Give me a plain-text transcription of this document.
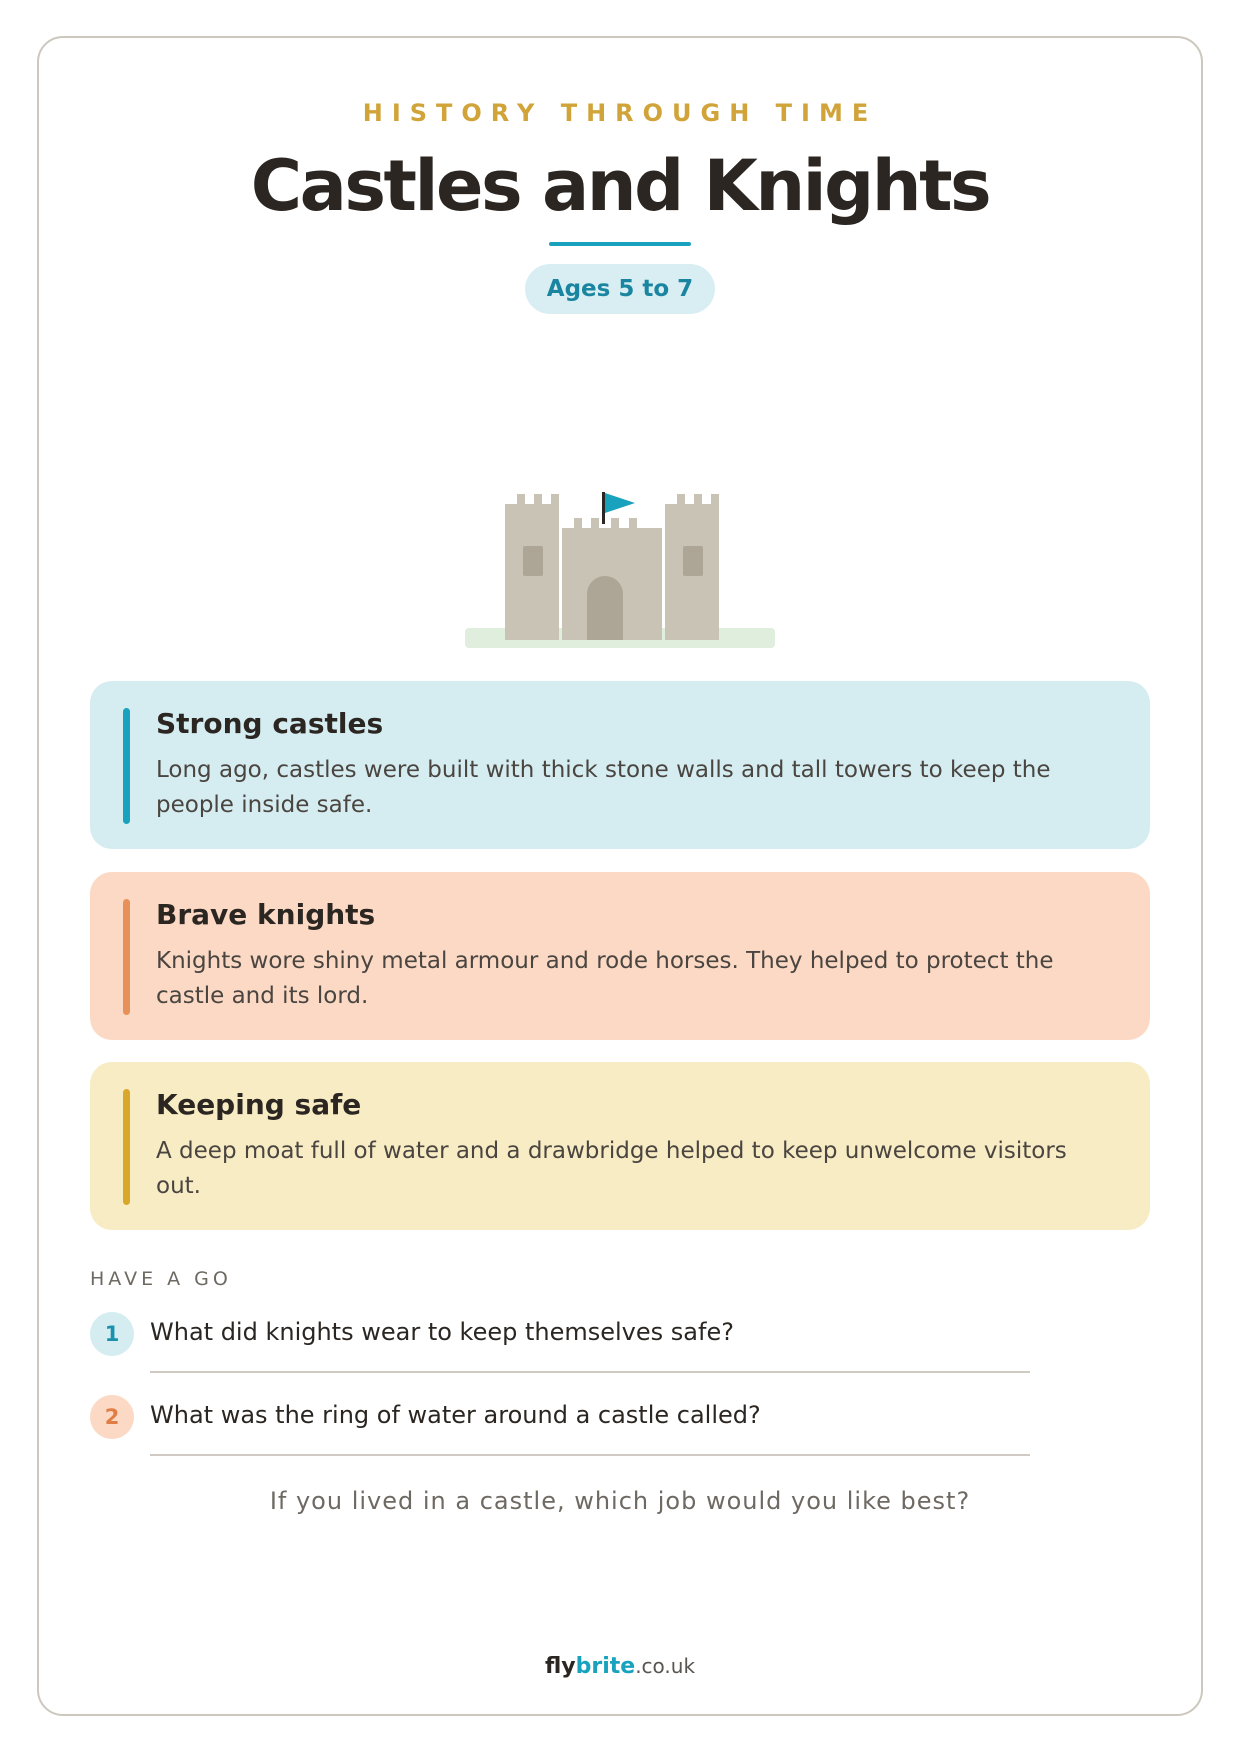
HISTORY THROUGH TIME
Castles and Knights
Ages 5 to 7
Strong castles
Long ago, castles were built with thick stone walls and tall towers to keep the people inside safe.
Brave knights
Knights wore shiny metal armour and rode horses. They helped to protect the castle and its lord.
Keeping safe
A deep moat full of water and a drawbridge helped to keep unwelcome visitors out.
HAVE A GO
1	What did knights wear to keep themselves safe?
2	What was the ring of water around a castle called?
If you lived in a castle, which job would you like best?
flybrite.co.uk
